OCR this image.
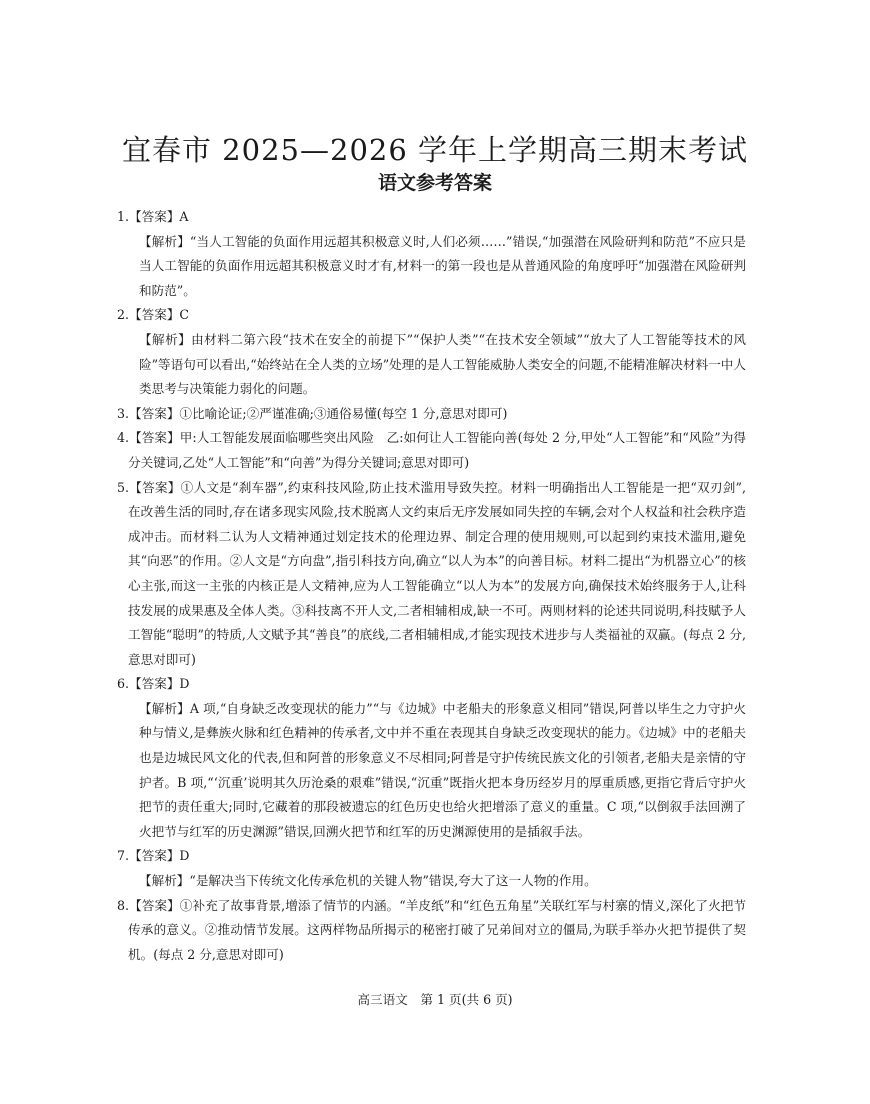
宜春市 2025—2026 学年上学期高三期末考试
语文参考答案
1.【答案】A
【解析】“当人工智能的负面作用远超其积极意义时,人们必须……”错误,“加强潜在风险研判和防范”不应只是当人工智能的负面作用远超其积极意义时才有,材料一的第一段也是从普通风险的角度呼吁“加强潜在风险研判和防范”。
2.【答案】C
【解析】由材料二第六段“技术在安全的前提下”“保护人类”“在技术安全领域”“放大了人工智能等技术的风险”等语句可以看出,“始终站在全人类的立场”处理的是人工智能威胁人类安全的问题,不能精准解决材料一中人类思考与决策能力弱化的问题。
3.【答案】①比喻论证;②严谨准确;③通俗易懂(每空 1 分,意思对即可)
4.【答案】甲:人工智能发展面临哪些突出风险　乙:如何让人工智能向善(每处 2 分,甲处“人工智能”和“风险”为得分关键词,乙处“人工智能”和“向善”为得分关键词;意思对即可)
5.【答案】①人文是“刹车器”,约束科技风险,防止技术滥用导致失控。材料一明确指出人工智能是一把“双刃剑”,在改善生活的同时,存在诸多现实风险,技术脱离人文约束后无序发展如同失控的车辆,会对个人权益和社会秩序造成冲击。而材料二认为人文精神通过划定技术的伦理边界、制定合理的使用规则,可以起到约束技术滥用,避免其“向恶”的作用。②人文是“方向盘”,指引科技方向,确立“以人为本”的向善目标。材料二提出“为机器立心”的核心主张,而这一主张的内核正是人文精神,应为人工智能确立“以人为本”的发展方向,确保技术始终服务于人,让科技发展的成果惠及全体人类。③科技离不开人文,二者相辅相成,缺一不可。两则材料的论述共同说明,科技赋予人工智能“聪明”的特质,人文赋予其“善良”的底线,二者相辅相成,才能实现技术进步与人类福祉的双赢。(每点 2 分,意思对即可)
6.【答案】D
【解析】A 项,“自身缺乏改变现状的能力”“与《边城》中老船夫的形象意义相同”错误,阿普以毕生之力守护火种与情义,是彝族火脉和红色精神的传承者,文中并不重在表现其自身缺乏改变现状的能力。《边城》中的老船夫也是边城民风文化的代表,但和阿普的形象意义不尽相同;阿普是守护传统民族文化的引领者,老船夫是亲情的守护者。B 项,“‘沉重’说明其久历沧桑的艰难”错误,“沉重”既指火把本身历经岁月的厚重质感,更指它背后守护火把节的责任重大;同时,它藏着的那段被遗忘的红色历史也给火把增添了意义的重量。C 项,“以倒叙手法回溯了火把节与红军的历史渊源”错误,回溯火把节和红军的历史渊源使用的是插叙手法。
7.【答案】D
【解析】“是解决当下传统文化传承危机的关键人物”错误,夸大了这一人物的作用。
8.【答案】①补充了故事背景,增添了情节的内涵。“羊皮纸”和“红色五角星”关联红军与村寨的情义,深化了火把节传承的意义。②推动情节发展。这两样物品所揭示的秘密打破了兄弟间对立的僵局,为联手举办火把节提供了契机。(每点 2 分,意思对即可)
高三语文　第 1 页(共 6 页)
